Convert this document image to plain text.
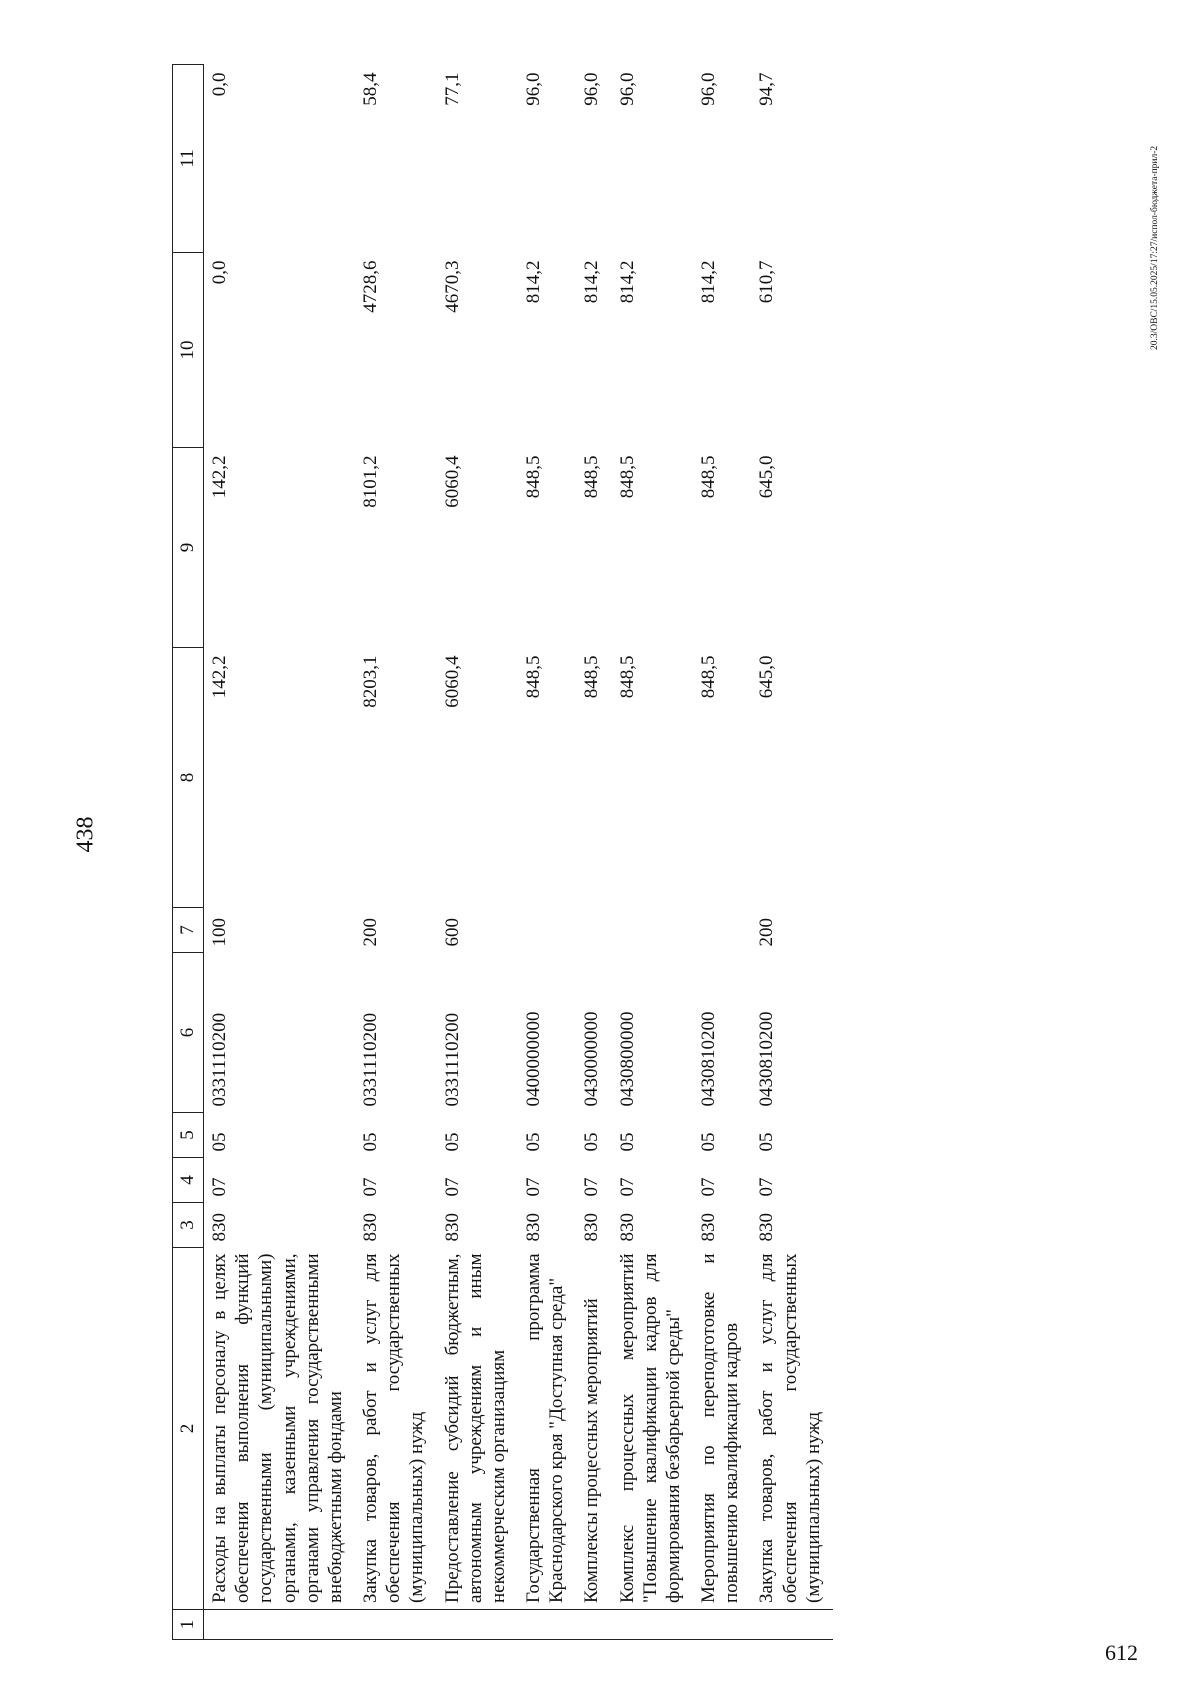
438
612
20.3/ОВС/15.05.2025/17:27/испол-бюджета-прил-2
1	2	3	4	5	6	7	8	9	10	11
	Расходы на выплаты персоналу в целях обеспечения выполнения функций государственными (муниципальными) органами, казенными учреждениями, органами управления государственными внебюджетными фондами	830	07	05	0331110200	100	142,2	142,2	0,0	0,0
	Закупка товаров, работ и услуг для обеспечения государственных (муниципальных) нужд	830	07	05	0331110200	200	8203,1	8101,2	4728,6	58,4
	Предоставление субсидий бюджетным, автономным учреждениям и иным некоммерческим организациям	830	07	05	0331110200	600	6060,4	6060,4	4670,3	77,1
	Государственная программа Краснодарского края "Доступная среда"	830	07	05	0400000000		848,5	848,5	814,2	96,0
	Комплексы процессных мероприятий	830	07	05	0430000000		848,5	848,5	814,2	96,0
	Комплекс процессных мероприятий "Повышение квалификации кадров для формирования безбарьерной среды"	830	07	05	0430800000		848,5	848,5	814,2	96,0
	Мероприятия по переподготовке и повышению квалификации кадров	830	07	05	0430810200		848,5	848,5	814,2	96,0
	Закупка товаров, работ и услуг для обеспечения государственных (муниципальных) нужд	830	07	05	0430810200	200	645,0	645,0	610,7	94,7
